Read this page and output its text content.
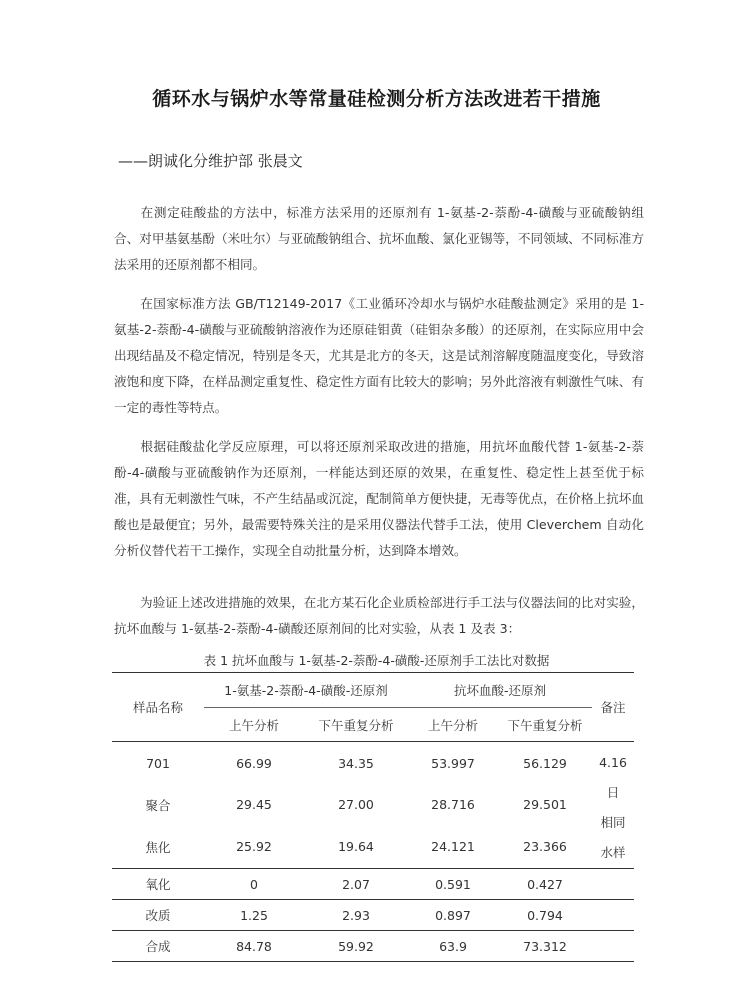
循环水与锅炉水等常量硅检测分析方法改进若干措施
——朗诚化分维护部 张晨文
在测定硅酸盐的方法中，标准方法采用的还原剂有 1-氨基-2-萘酚-4-磺酸与亚硫酸钠组合、对甲基氨基酚（米吐尔）与亚硫酸钠组合、抗坏血酸、氯化亚锡等，不同领域、不同标准方法采用的还原剂都不相同。
在国家标准方法 GB/T12149-2017《工业循环冷却水与锅炉水硅酸盐测定》采用的是 1-氨基-2-萘酚-4-磺酸与亚硫酸钠溶液作为还原硅钼黄（硅钼杂多酸）的还原剂，在实际应用中会出现结晶及不稳定情况，特别是冬天，尤其是北方的冬天，这是试剂溶解度随温度变化，导致溶液饱和度下降，在样品测定重复性、稳定性方面有比较大的影响；另外此溶液有刺激性气味、有一定的毒性等特点。
根据硅酸盐化学反应原理，可以将还原剂采取改进的措施，用抗坏血酸代替 1-氨基-2-萘酚-4-磺酸与亚硫酸钠作为还原剂，一样能达到还原的效果，在重复性、稳定性上甚至优于标准，具有无刺激性气味，不产生结晶或沉淀，配制简单方便快捷，无毒等优点，在价格上抗坏血酸也是最便宜；另外，最需要特殊关注的是采用仪器法代替手工法，使用 Cleverchem 自动化分析仪替代若干工操作，实现全自动批量分析，达到降本增效。
为验证上述改进措施的效果，在北方某石化企业质检部进行手工法与仪器法间的比对实验，抗坏血酸与 1-氨基-2-萘酚-4-磺酸还原剂间的比对实验，从表 1 及表 3：
表 1 抗坏血酸与 1-氨基-2-萘酚-4-磺酸-还原剂手工法比对数据
样品名称	1-氨基-2-萘酚-4-磺酸-还原剂		抗坏血酸-还原剂		备注
	上午分析	下午重复分析	上午分析	下午重复分析	
701	66.99	34.35	53.997	56.129	4.16 日
相同
水样

聚合	29.45	27.00	28.716	29.501	
焦化	25.92	19.64	24.121	23.366	
氧化	0	2.07	0.591	0.427	
改质	1.25	2.93	0.897	0.794	
合成	84.78	59.92	63.9	73.312	
